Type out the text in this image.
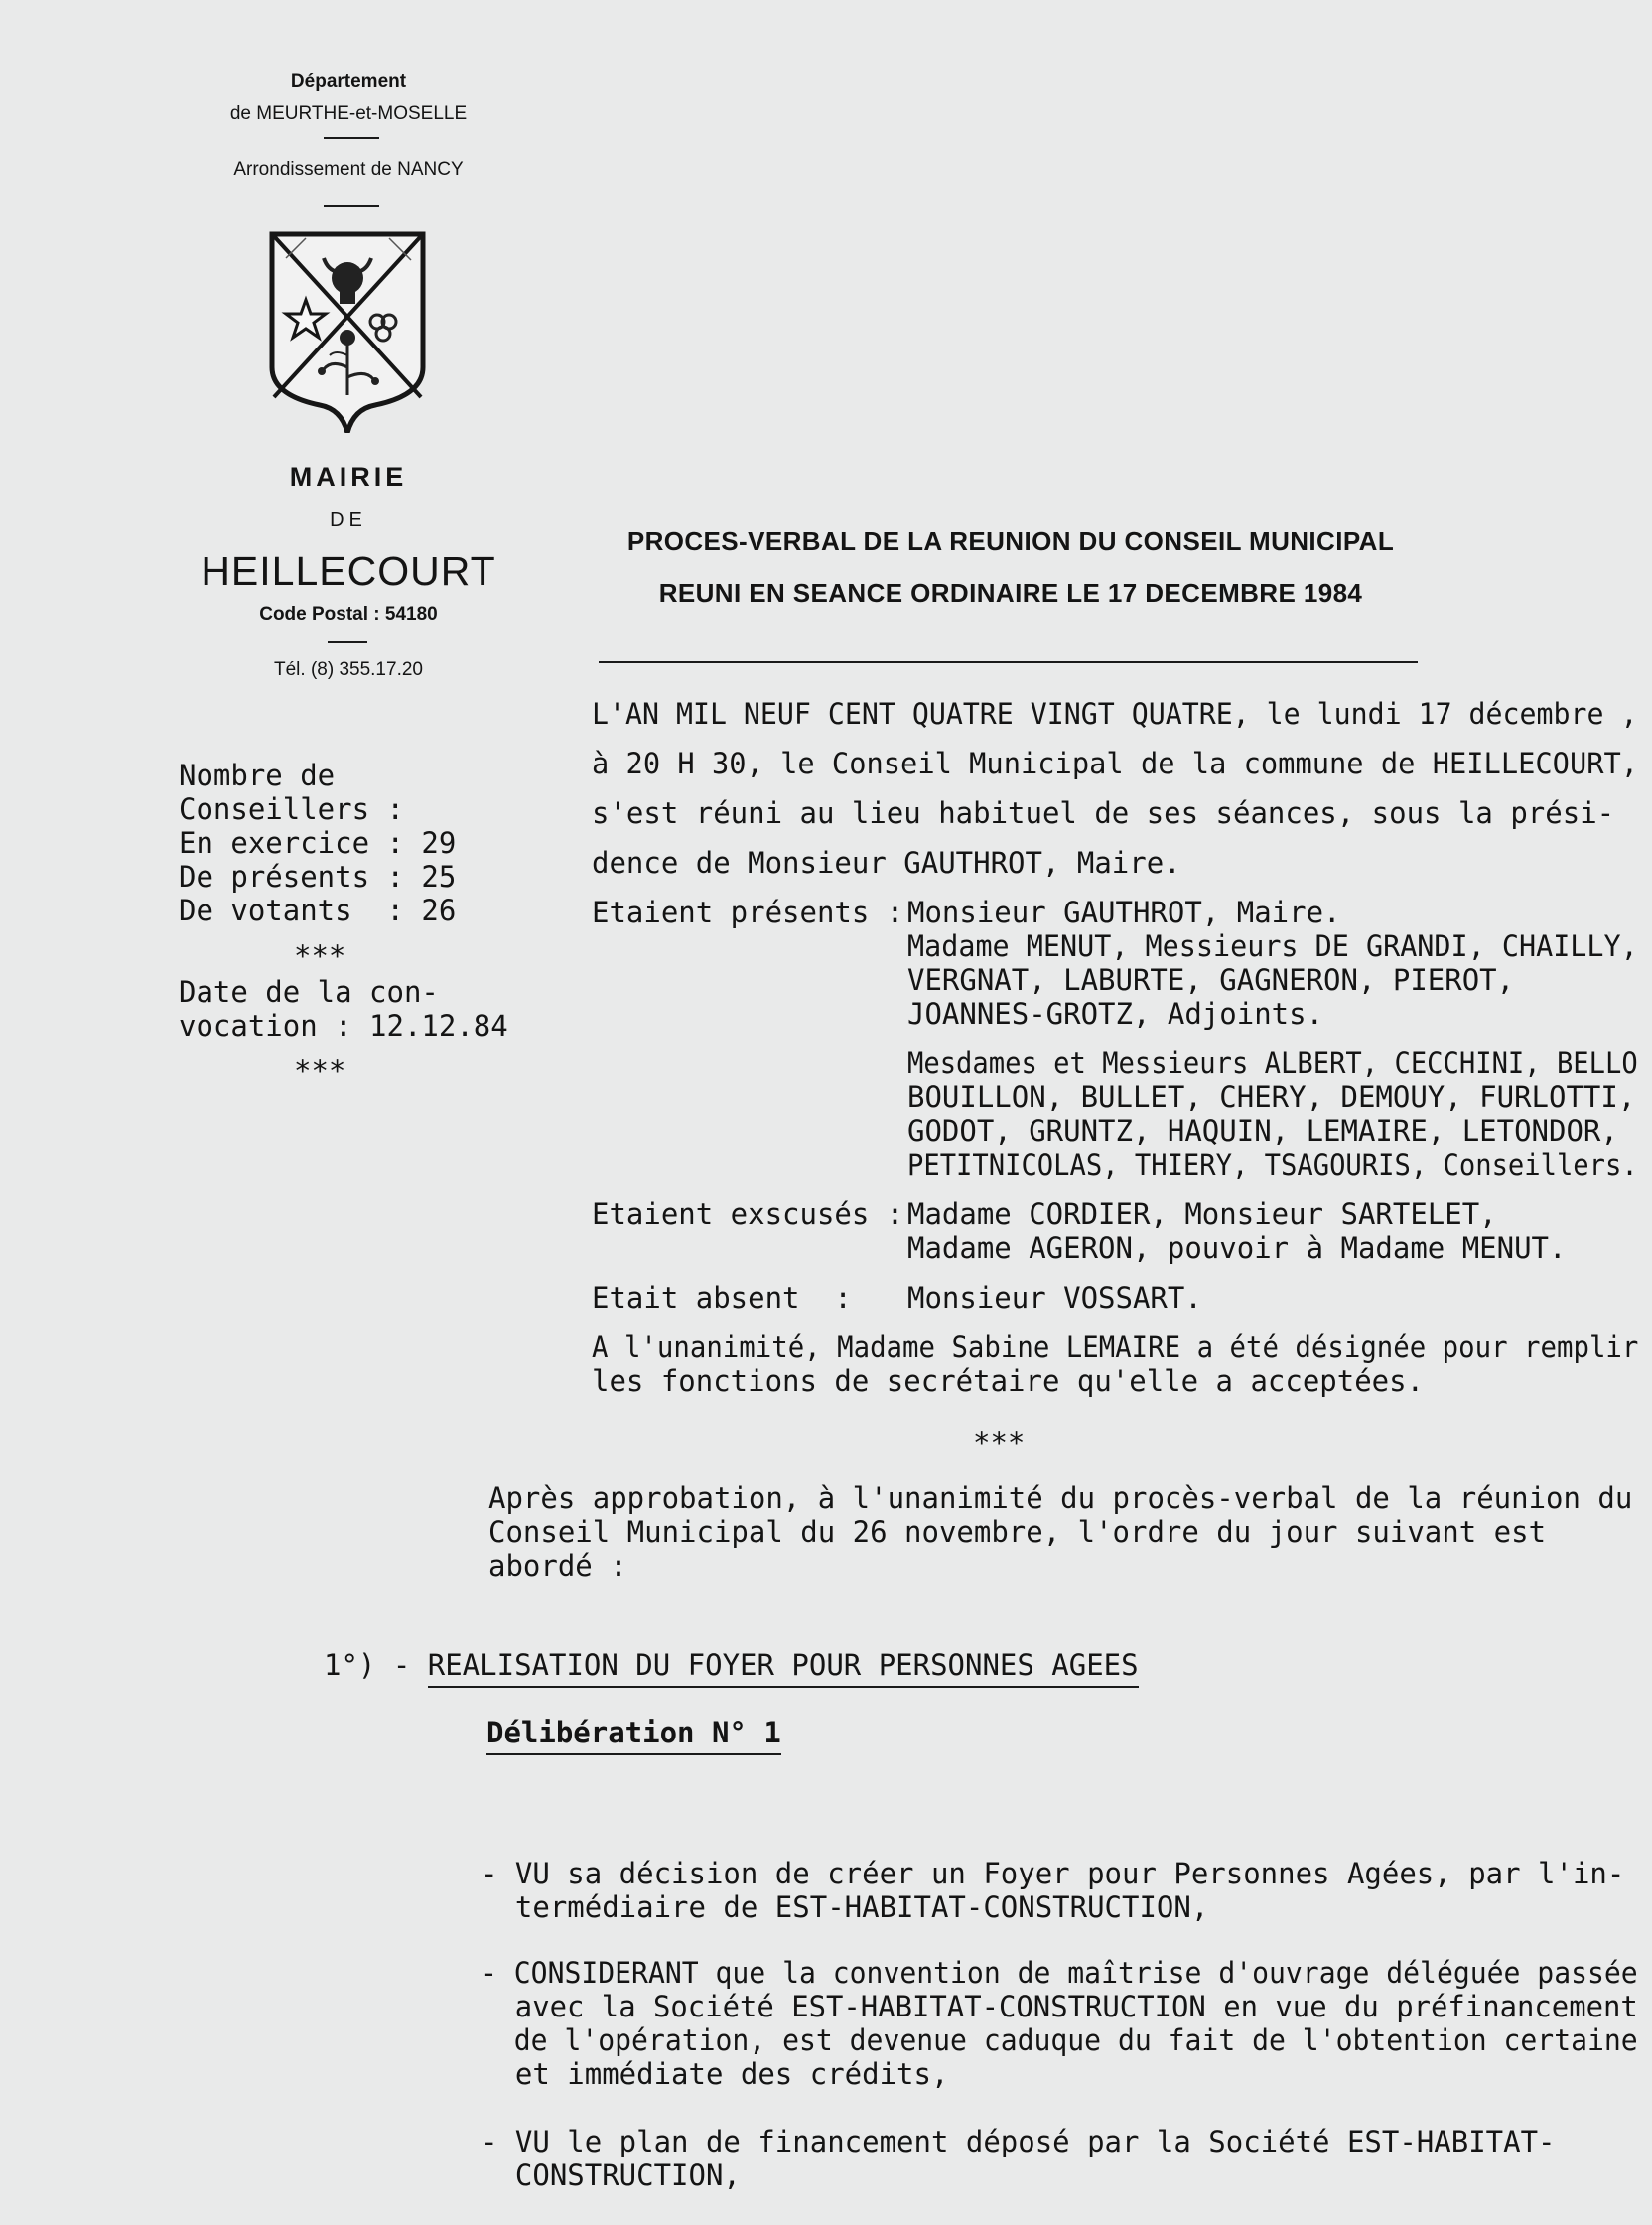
Département
de MEURTHE-et-MOSELLE
Arrondissement de NANCY
MAIRIE
DE
HEILLECOURT
Code Postal : 54180
Tél. (8) 355.17.20
Nombre de
Conseillers :
En exercice : 29
De présents : 25
De votants  : 26
***
Date de la con-
vocation : 12.12.84
***
PROCES-VERBAL DE LA REUNION DU CONSEIL MUNICIPAL
REUNI EN SEANCE ORDINAIRE LE 17 DECEMBRE 1984
L'AN MIL NEUF CENT QUATRE VINGT QUATRE, le lundi 17 décembre ,
à 20 H 30, le Conseil Municipal de la commune de HEILLECOURT,
s'est réuni au lieu habituel de ses séances, sous la prési-
dence de Monsieur GAUTHROT, Maire.
Etaient présents : Monsieur GAUTHROT, Maire.
Madame MENUT, Messieurs DE GRANDI, CHAILLY,
VERGNAT, LABURTE, GAGNERON, PIEROT,
JOANNES-GROTZ, Adjoints.
Mesdames et Messieurs ALBERT, CECCHINI, BELLO
BOUILLON, BULLET, CHERY, DEMOUY, FURLOTTI,
GODOT, GRUNTZ, HAQUIN, LEMAIRE, LETONDOR,
PETITNICOLAS, THIERY, TSAGOURIS, Conseillers.
Etaient exscusés : Madame CORDIER, Monsieur SARTELET,
Madame AGERON, pouvoir à Madame MENUT.
Etait absent  : Monsieur VOSSART.
A l'unanimité, Madame Sabine LEMAIRE a été désignée pour remplir
les fonctions de secrétaire qu'elle a acceptées.
***
Après approbation, à l'unanimité du procès-verbal de la réunion du
Conseil Municipal du 26 novembre, l'ordre du jour suivant est
abordé :
1°) - REALISATION DU FOYER POUR PERSONNES AGEES
Délibération N° 1
- VU sa décision de créer un Foyer pour Personnes Agées, par l'in-
termédiaire de EST-HABITAT-CONSTRUCTION,
- CONSIDERANT que la convention de maîtrise d'ouvrage déléguée passée
avec la Société EST-HABITAT-CONSTRUCTION en vue du préfinancement
de l'opération, est devenue caduque du fait de l'obtention certaine
et immédiate des crédits,
- VU le plan de financement déposé par la Société EST-HABITAT-
CONSTRUCTION,
